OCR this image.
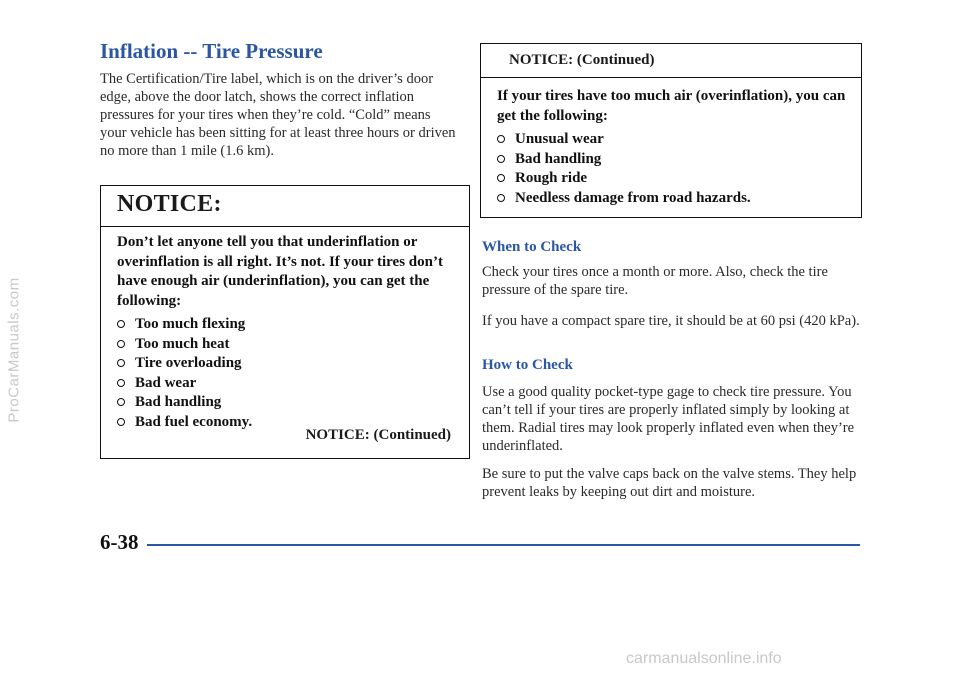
Inflation -- Tire Pressure

The Certification/Tire label, which is on the driver’s door edge, above the door latch, shows the correct inflation pressures for your tires when they’re cold. “Cold” means your vehicle has been sitting for at least three hours or driven no more than 1 mile (1.6 km).

NOTICE:
Don’t let anyone tell you that underinflation or overinflation is all right. It’s not. If your tires don’t have enough air (underinflation), you can get the following:
Too much flexing
Too much heat
Tire overloading
Bad wear
Bad handling
Bad fuel economy.
NOTICE: (Continued)
NOTICE: (Continued)
If your tires have too much air (overinflation), you can get the following:
Unusual wear
Bad handling
Rough ride
Needless damage from road hazards.
When to Check

Check your tires once a month or more. Also, check the tire pressure of the spare tire.

If you have a compact spare tire, it should be at 60 psi (420 kPa).

How to Check

Use a good quality pocket-type gage to check tire pressure. You can’t tell if your tires are properly inflated simply by looking at them. Radial tires may look properly inflated even when they’re underinflated.

Be sure to put the valve caps back on the valve stems. They help prevent leaks by keeping out dirt and moisture.

6-38
ProCarManuals.com
carmanualsonline.info
